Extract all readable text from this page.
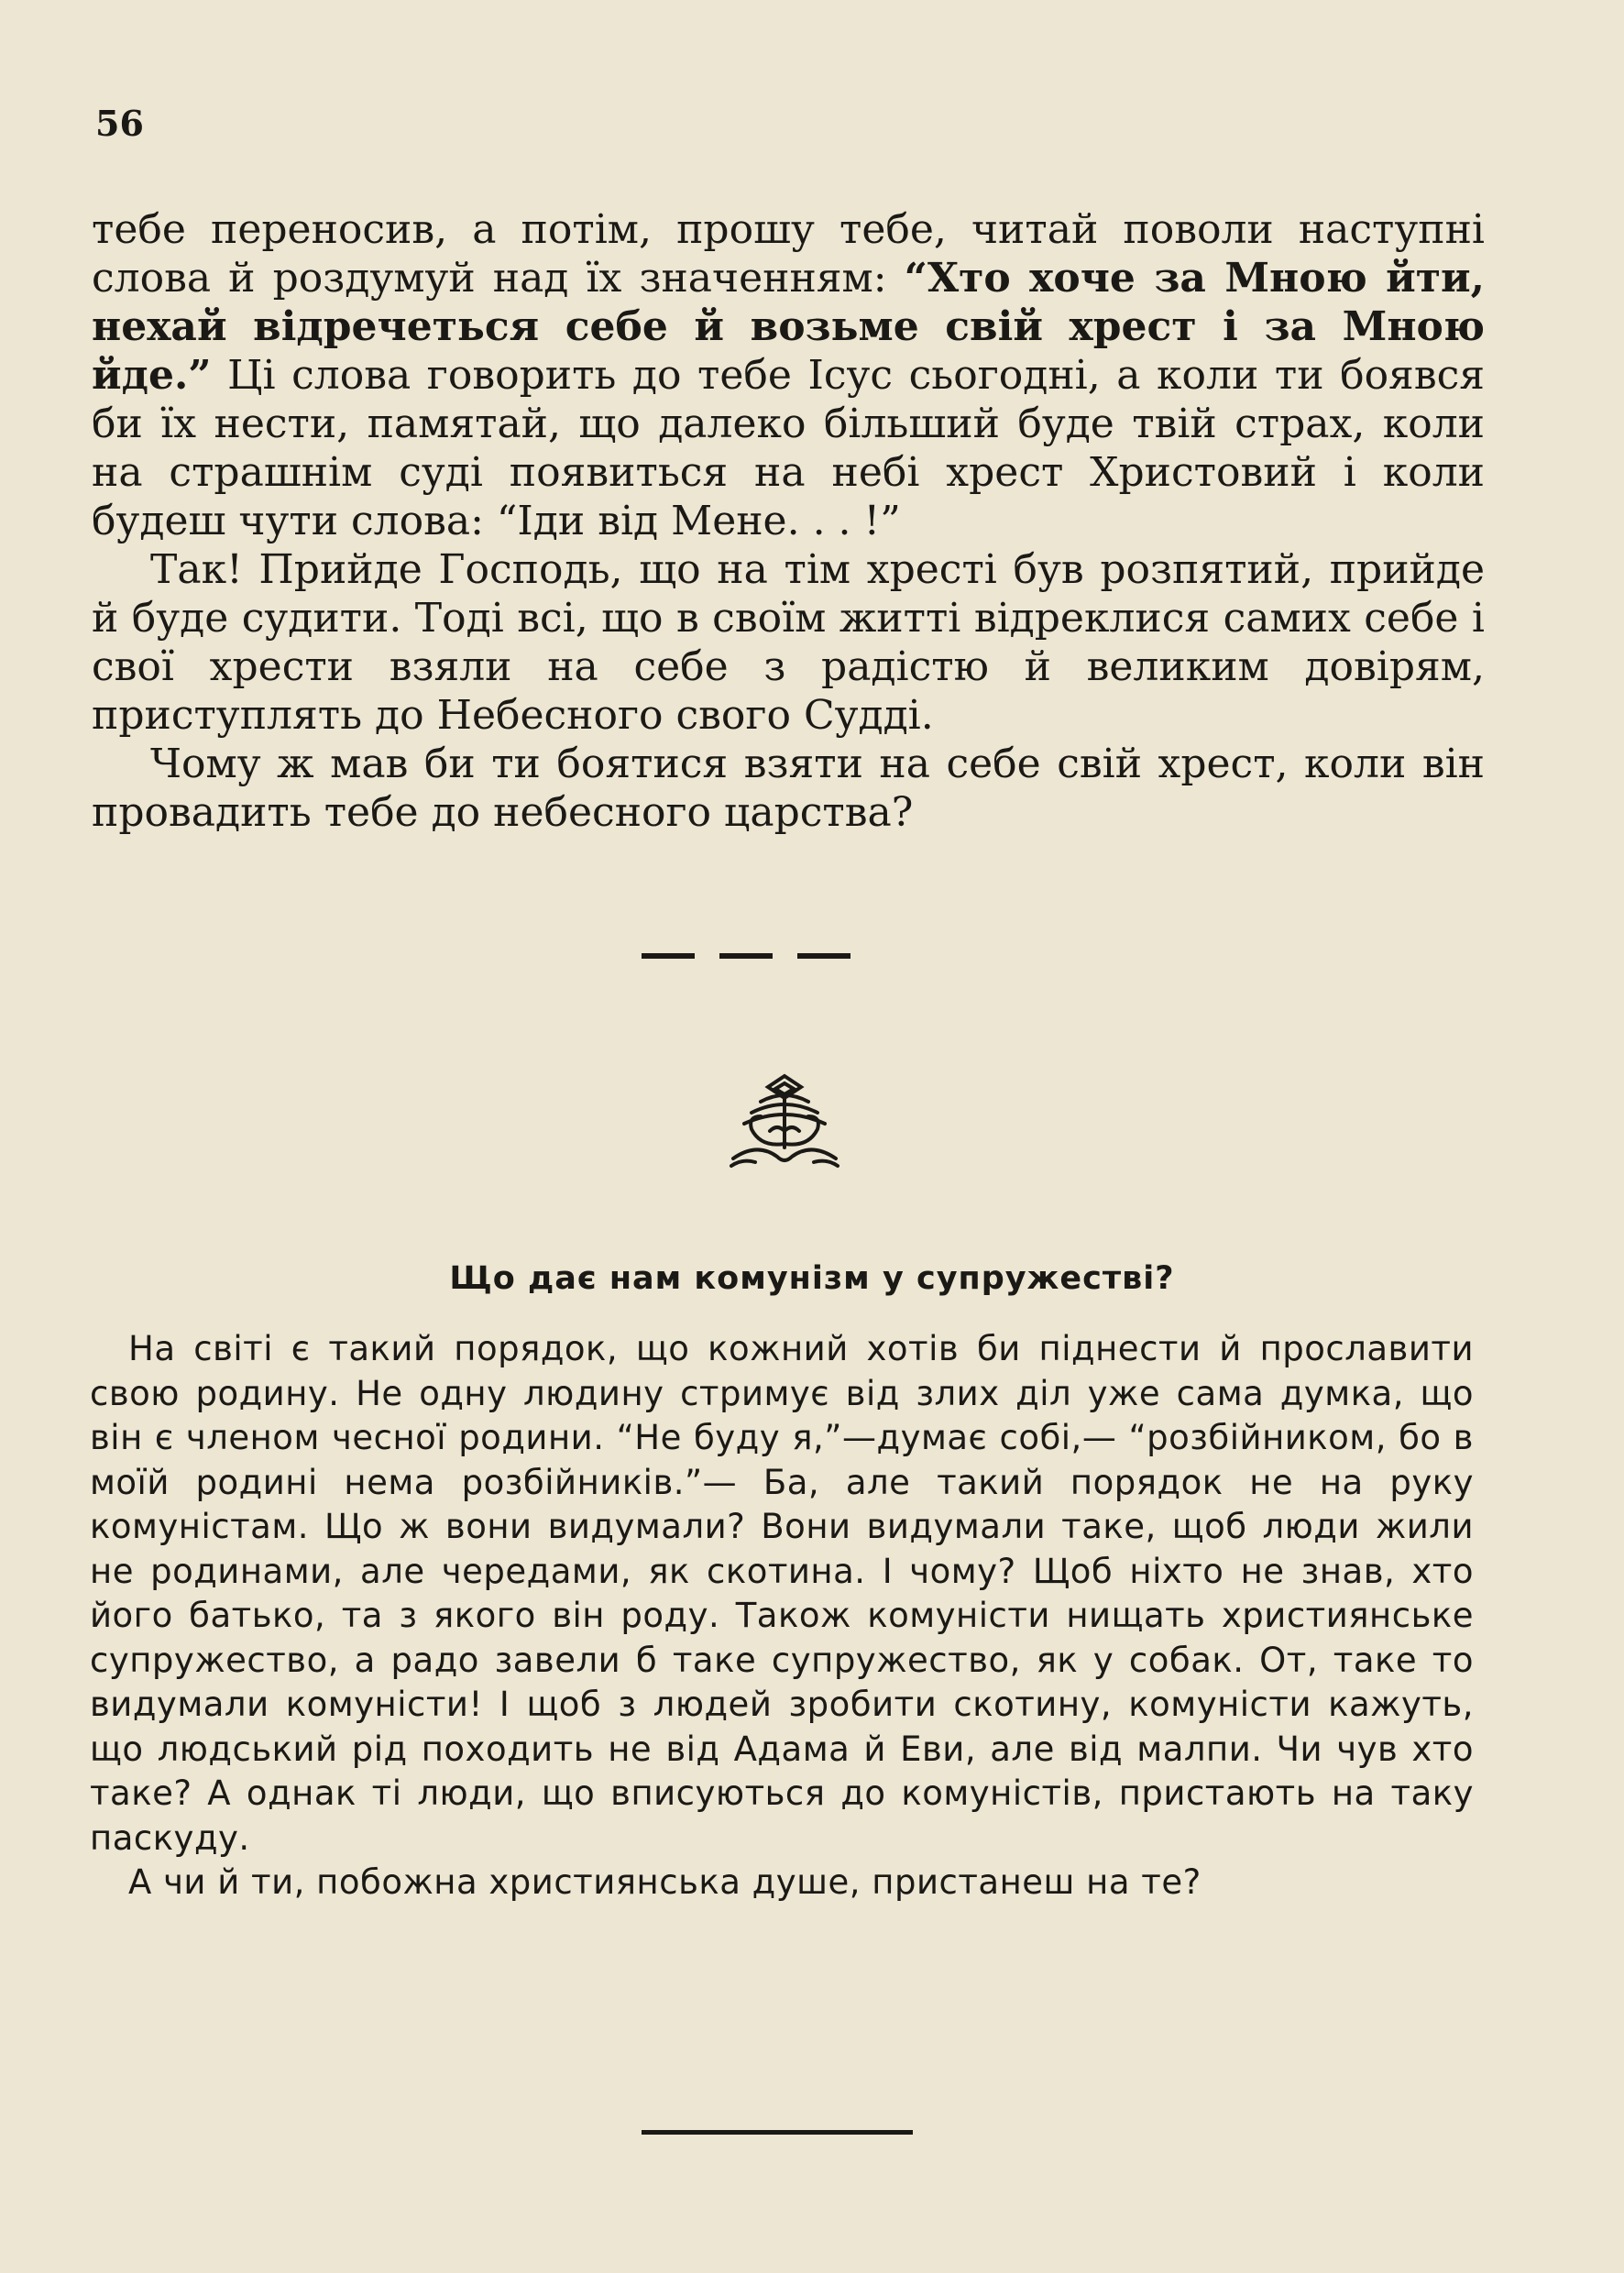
56

тебе переносив, а потім, прошу тебе, читай поволи наступні слова й роздумуй над їх значенням: “Хто хоче за Мною йти, нехай відречеться себе й возьме свій хрест і за Мною йде.” Ці слова говорить до тебе Ісус сьогодні, а коли ти боявся би їх нести, памятай, що далеко більший буде твій страх, коли на страшнім суді появиться на небі хрест Христовий і коли будеш чути слова: “Іди від Мене. . . !”

Так! Прийде Господь, що на тім хресті був розпятий, прийде й буде судити. Тоді всі, що в своїм житті відреклися самих себе і свої хрести взяли на себе з радістю й великим довірям, приступлять до Небесного свого Судді.

Чому ж мав би ти боятися взяти на себе свій хрест, коли він провадить тебе до небесного царства?

Що дає нам комунізм у супружестві?

На світі є такий порядок, що кожний хотів би піднести й прославити свою родину. Не одну людину стримує від злих діл уже сама думка, що він є членом чесної родини. “Не буду я,”—думає собі,— “розбійником, бо в моїй родині нема розбійників.”— Ба, але такий порядок не на руку комуністам. Що ж вони видумали? Вони видумали таке, щоб люди жили не родинами, але чередами, як скотина. І чому? Щоб ніхто не знав, хто його батько, та з якого він роду. Також комуністи нищать християнське супружество, а радо завели б таке супружество, як у собак. От, таке то видумали комуністи! І щоб з людей зробити скотину, комуністи кажуть, що людський рід походить не від Адама й Еви, але від малпи. Чи чув хто таке? А однак ті люди, що вписуються до комуністів, пристають на таку паскуду.

А чи й ти, побожна християнська душе, пристанеш на те?
